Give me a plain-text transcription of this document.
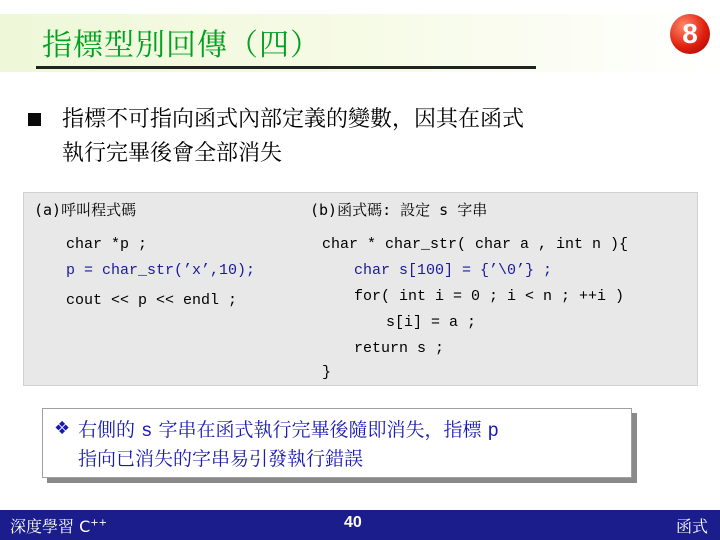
指標型別回傳（四）	8
指標不可指向函式內部定義的變數，因其在函式
執行完畢後會全部消失
(a)呼叫程式碼	(b)函式碼: 設定 s 字串
char *p ;
p = char_str(’x’,10);
cout << p << endl ;
char * char_str( char a , int n ){
char s[100] = {’\0’} ;
for( int i = 0 ; i < n ; ++i )
s[i] = a ;
return s ;
}
❖ 右側的 s 字串在函式執行完畢後隨即消失，指標 p
指向已消失的字串易引發執行錯誤
深度學習 C++	40	函式
